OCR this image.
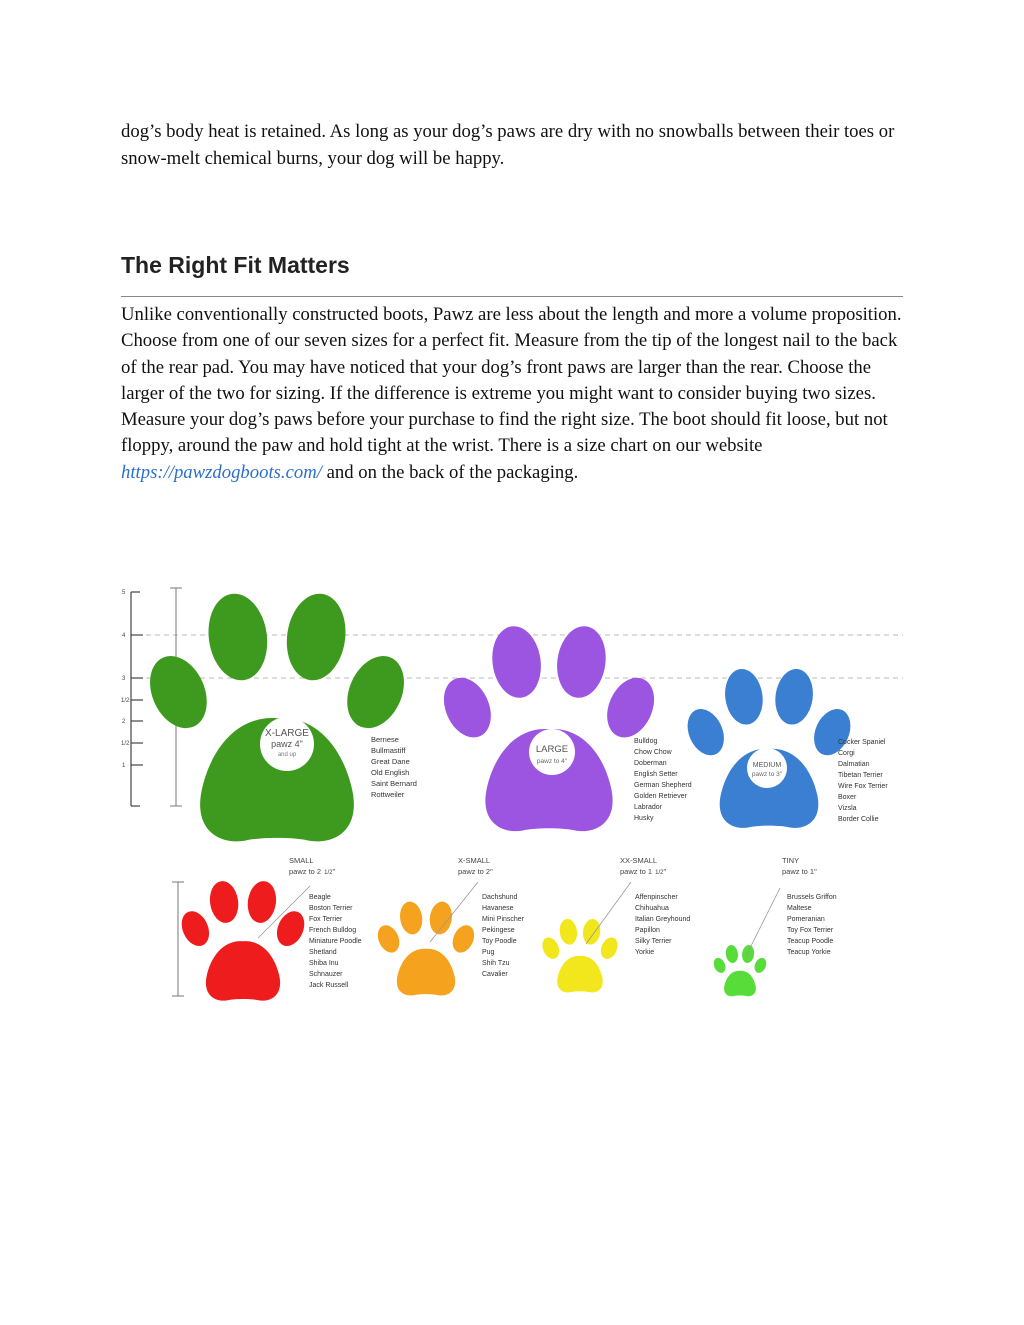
dog’s body heat is retained. As long as your dog’s paws are dry with no snowballs between their toes or snow-melt chemical burns, your dog will be happy.

The Right Fit Matters

Unlike conventionally constructed boots, Pawz are less about the length and more a volume proposition. Choose from one of our seven sizes for a perfect fit. Measure from the tip of the longest nail to the back of the rear pad. You may have noticed that your dog’s front paws are larger than the rear. Choose the larger of the two for sizing. If the difference is extreme you might want to consider buying two sizes. Measure your dog’s paws before your purchase to find the right size. The boot should fit loose, but not floppy, around the paw and hold tight at the wrist. There is a size chart on our website https://pawzdogboots.com/ and on the back of the packaging.

5
4
3
1/2
2
1/2
1
X-LARGE
pawz 4"
and up
Bernese
Bullmastiff
Great Dane
Old English
Saint Bernard
Rottweiler
LARGE
pawz to 4"
Bulldog
Chow Chow
Doberman
English Setter
German Shepherd
Golden Retriever
Labrador
Husky
MEDIUM
pawz to 3"
Cocker Spaniel
Corgi
Dalmatian
Tibetan Terrier
Wire Fox Terrier
Boxer
Vizsla
Border Collie
SMALL
pawz to 2 1/2"
Beagle
Boston Terrier
Fox Terrier
French Bulldog
Miniature Poodle
Shetland
Shiba Inu
Schnauzer
Jack Russell
X-SMALL
pawz to 2"
Dachshund
Havanese
Mini Pinscher
Pekingese
Toy Poodle
Pug
Shih Tzu
Cavalier
XX-SMALL
pawz to 1 1/2"
Affenpinscher
Chihuahua
Italian Greyhound
Papillon
Silky Terrier
Yorkie
TINY
pawz to 1"
Brussels Griffon
Maltese
Pomeranian
Toy Fox Terrier
Teacup Poodle
Teacup Yorkie
